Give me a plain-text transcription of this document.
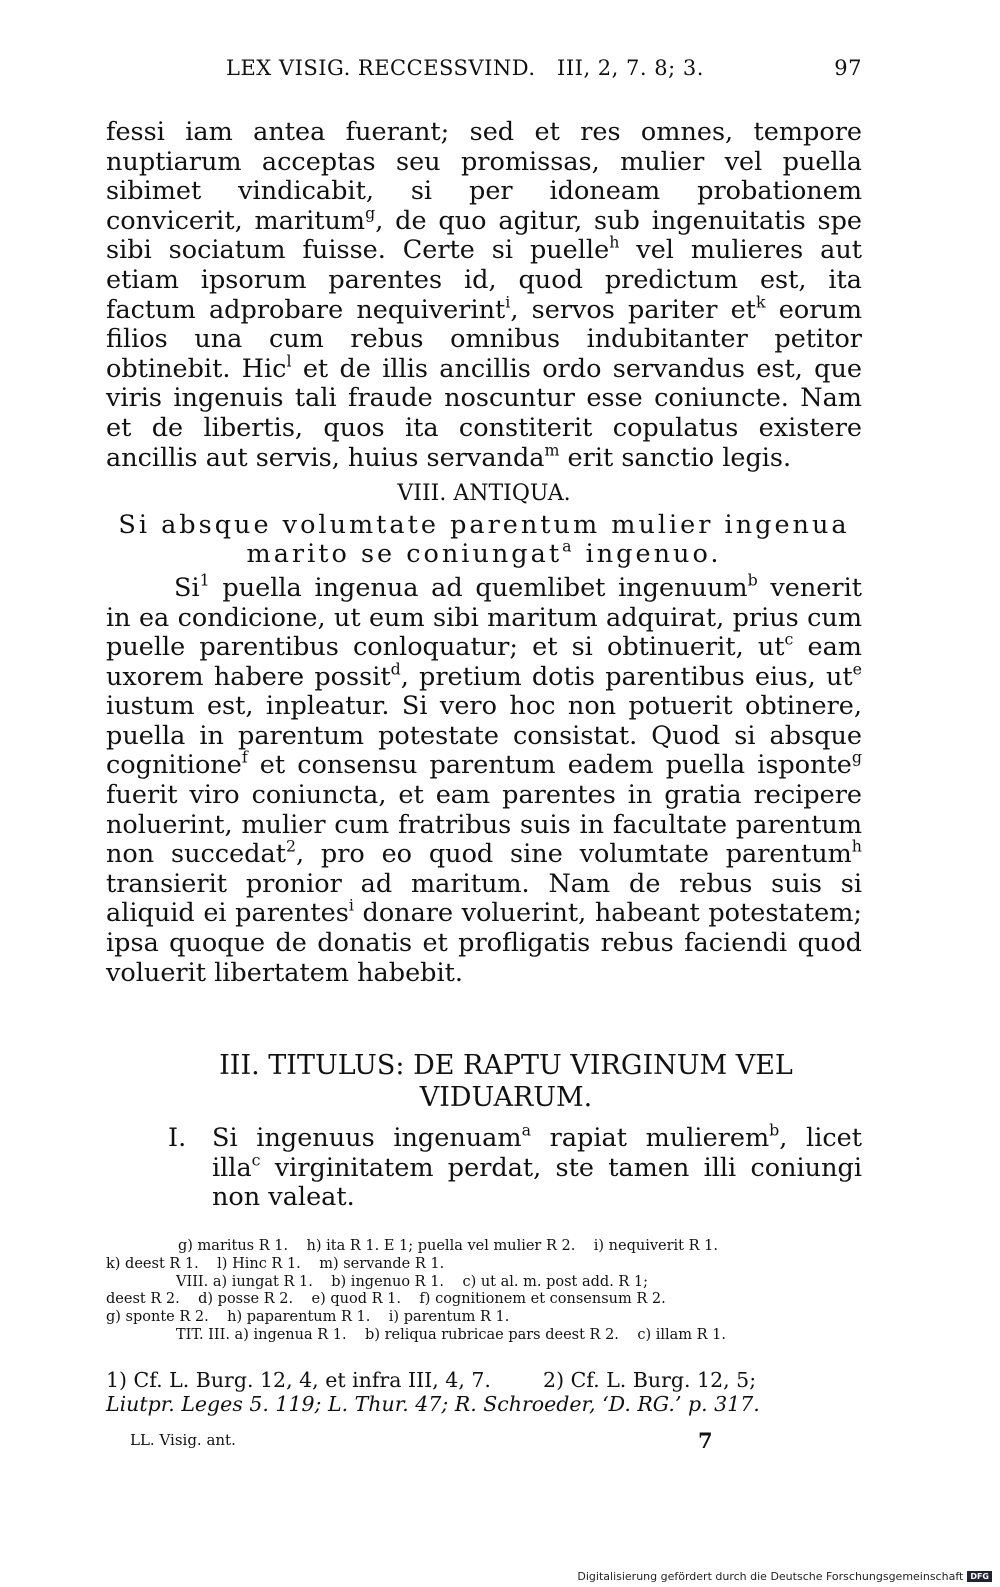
LEX VISIG. RECCESSVIND.   III, 2, 7. 8; 3.	97

fessi iam antea fuerant; sed et res omnes, tempore nuptiarum acceptas seu promissas, mulier vel puella sibimet vindicabit, si per idoneam probationem convicerit, maritum$^g$, de quo agitur, sub ingenuitatis spe sibi sociatum fuisse. Certe si puelle$^h$ vel mulieres aut etiam ipsorum parentes id, quod predictum est, ita factum adprobare nequiverint$^i$, servos pariter $et^k$ eorum filios una cum rebus omnibus indubitanter petitor obtinebit. Hic$^l$ et de illis ancillis ordo servandus est, que viris ingenuis tali fraude noscuntur esse coniuncte. Nam et de libertis, quos ita constiterit copulatus existere ancillis aut servis, huius servanda$^m$ erit sanctio legis.

VIII. ANTIQUA.
Si absque volumtate parentum mulier ingenua marito se coniungat$^a$ ingenuo.

Si$^1$ puella ingenua ad quemlibet ingenuum$^b$ venerit in ea condicione, ut eum sibi maritum adquirat, prius cum puelle parentibus conloquatur; et si obtinuerit, $ut^c$ eam uxorem habere possit$^d$, pretium dotis parentibus eius, $ut^e$ iustum est, inpleatur. Si vero hoc non potuerit obtinere, puella in parentum potestate consistat. Quod si absque cognitione$^f$ et consensu parentum eadem puella isponte$^g$ fuerit viro coniuncta, et eam parentes in gratia recipere noluerint, mulier cum fratribus suis in facultate parentum non succedat$^2$, pro eo quod sine volumtate parentum$^h$ transierit pronior ad maritum. Nam de rebus suis si aliquid ei parentes$^i$ donare voluerint, habeant potestatem; ipsa quoque de donatis et profligatis rebus faciendi quod voluerit libertatem habebit.

III. TITULUS: DE RAPTU VIRGINUM VEL
VIDUARUM.
I. Si ingenuus ingenuam$^a$ rapiat mulierem$^b$, licet illa$^c$ virginitatem perdat, ste tamen illi coniungi non valeat.
g) maritus R 1.    h) ita R 1. E 1; puella vel mulier R 2.    i) nequiverit R 1.
k) deest R 1.    l) Hinc R 1.    m) servande R 1.
VIII. a) iungat R 1.    b) ingenuo R 1.    c) ut al. m. post add. R 1;
deest R 2.    d) posse R 2.    e) quod R 1.    f) cognitionem et consensum R 2.
g) sponte R 2.    h) paparentum R 1.    i) parentum R 1.
TIT. III. a) ingenua R 1.    b) reliqua rubricae pars deest R 2.    c) illam R 1.
1) Cf. L. Burg. 12, 4, et infra III, 4, 7.        2) Cf. L. Burg. 12, 5;
Liutpr. Leges 5. 119; L. Thur. 47; R. Schroeder, ‘D. RG.’ p. 317.
LL. Visig. ant.	7
Digitalisierung gefördert durch die Deutsche Forschungsgemeinschaft DFG
